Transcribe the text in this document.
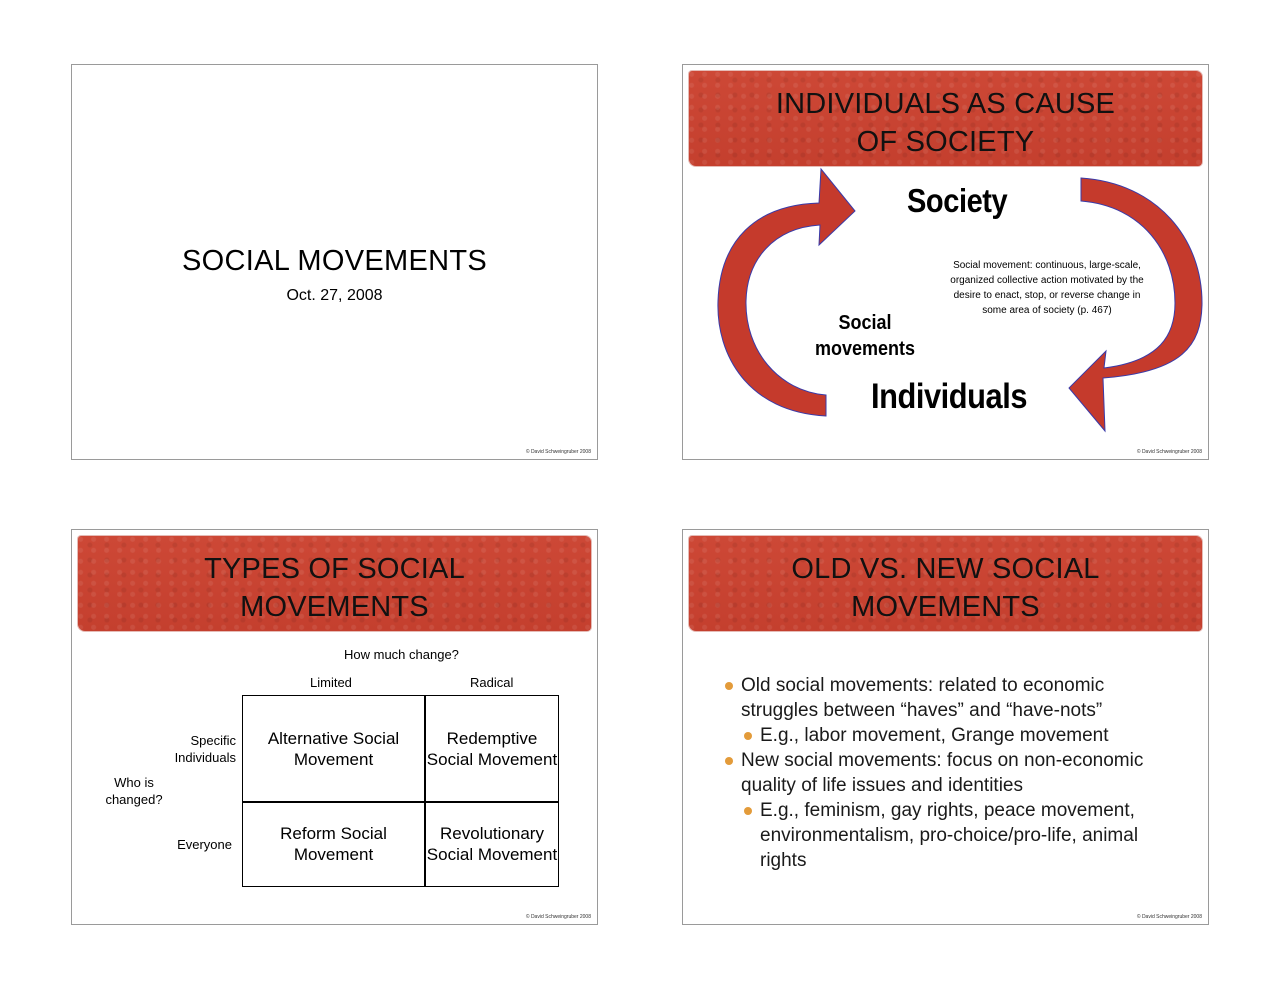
SOCIAL MOVEMENTS
Oct. 27, 2008
© David Schweingruber 2008
INDIVIDUALS AS CAUSE
OF SOCIETY
Society
Social movement: continuous, large-scale,
organized collective action motivated by the
desire to enact, stop, or reverse change in
some area of society (p. 467)
Social
movements
Individuals
© David Schweingruber 2008
TYPES OF SOCIAL
MOVEMENTS
How much change?
Limited	Radical
Who is
changed?
Specific
Individuals
Everyone
Alternative Social
Movement
Redemptive
Social Movement
Reform Social
Movement
Revolutionary
Social Movement
© David Schweingruber 2008
OLD VS. NEW SOCIAL
MOVEMENTS
Old social movements: related to economic
struggles between “haves” and “have-nots”
E.g., labor movement, Grange movement
New social movements: focus on non-economic
quality of life issues and identities
E.g., feminism, gay rights, peace movement,
environmentalism, pro-choice/pro-life, animal
rights
© David Schweingruber 2008
